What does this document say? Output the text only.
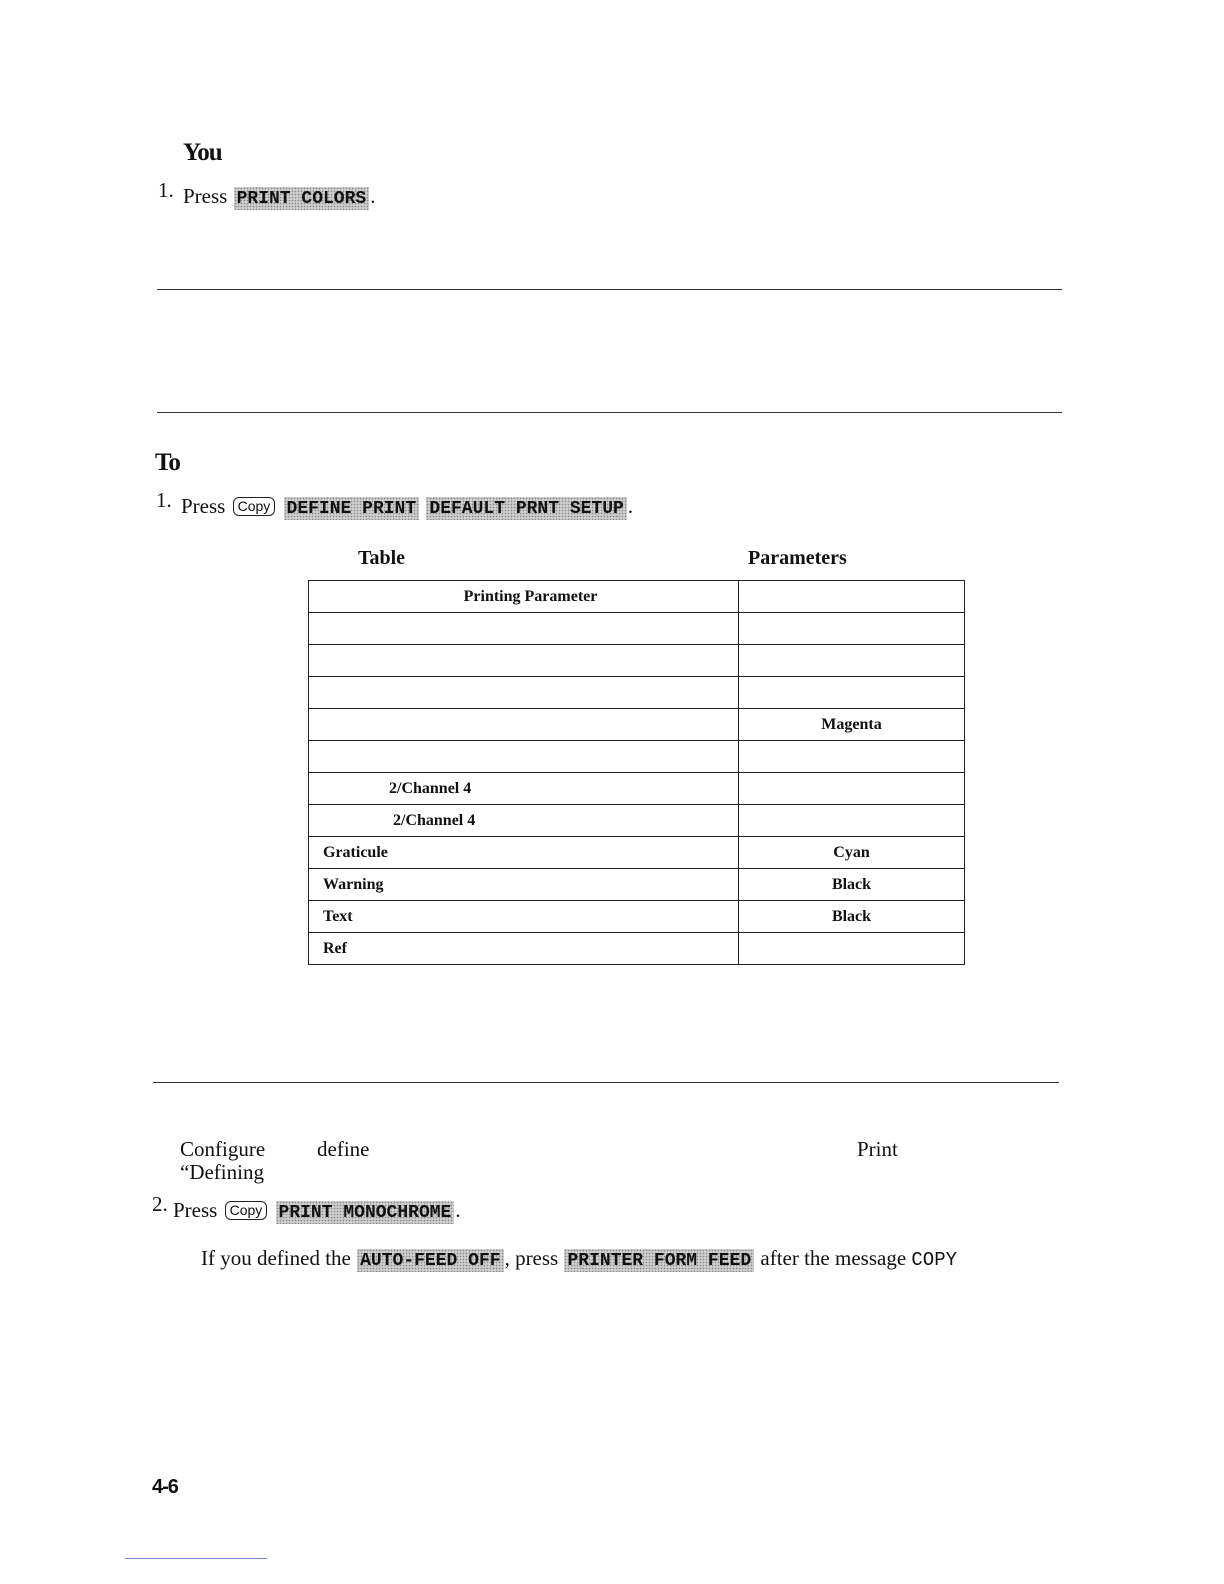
You
1. Press PRINT COLORS .
To
1. Press Copy DEFINE PRINT DEFAULT PRNT SETUP .
Table	Parameters
Printing Parameter	

	Magenta

2/Channel 4	
2/Channel 4	
Graticule	Cyan
Warning	Black
Text	Black
Ref	
Configure define	Print
“Defining
2. Press Copy PRINT MONOCHROME .
If you defined the AUTO-FEED OFF , press PRINTER FORM FEED after the message COPY
4-6
